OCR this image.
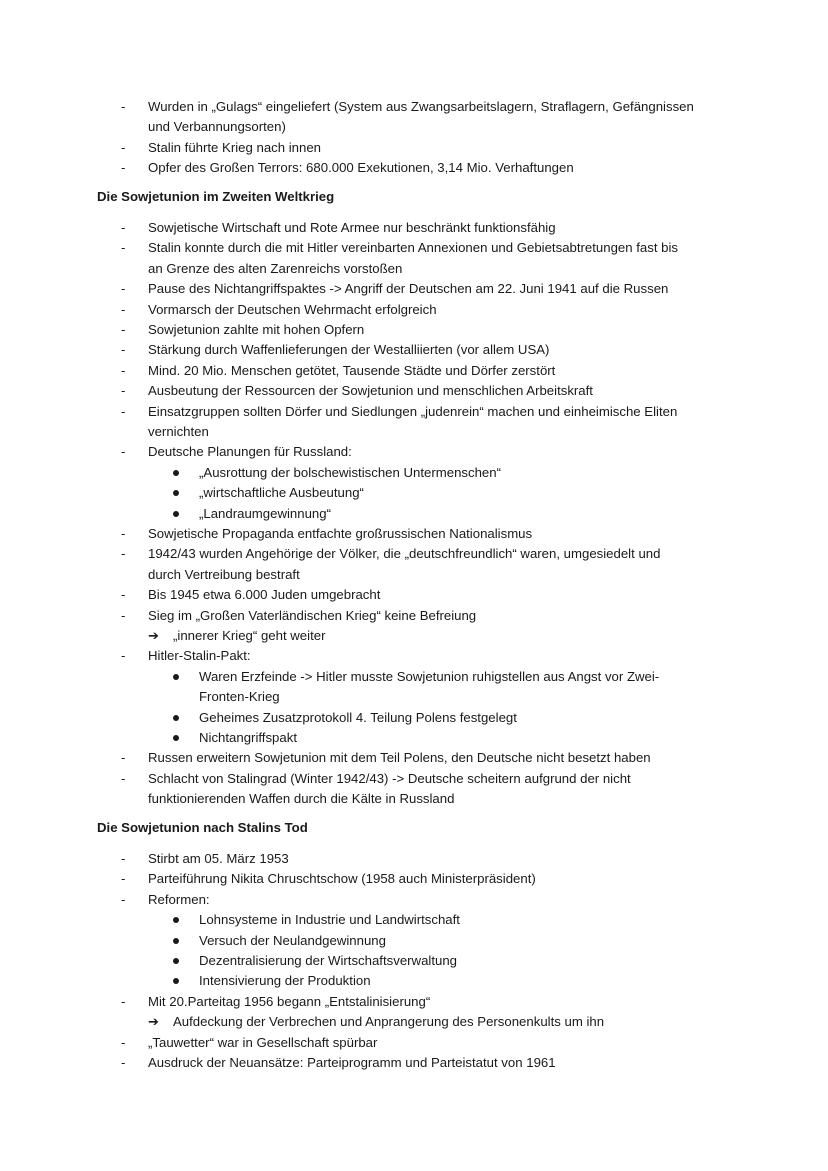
- Wurden in „Gulags“ eingeliefert (System aus Zwangsarbeitslagern, Straflagern, Gefängnissen
und Verbannungsorten)
- Stalin führte Krieg nach innen
- Opfer des Großen Terrors: 680.000 Exekutionen, 3,14 Mio. Verhaftungen
Die Sowjetunion im Zweiten Weltkrieg
- Sowjetische Wirtschaft und Rote Armee nur beschränkt funktionsfähig
- Stalin konnte durch die mit Hitler vereinbarten Annexionen und Gebietsabtretungen fast bis
an Grenze des alten Zarenreichs vorstoßen
- Pause des Nichtangriffspaktes -> Angriff der Deutschen am 22. Juni 1941 auf die Russen
- Vormarsch der Deutschen Wehrmacht erfolgreich
- Sowjetunion zahlte mit hohen Opfern
- Stärkung durch Waffenlieferungen der Westalliierten (vor allem USA)
- Mind. 20 Mio. Menschen getötet, Tausende Städte und Dörfer zerstört
- Ausbeutung der Ressourcen der Sowjetunion und menschlichen Arbeitskraft
- Einsatzgruppen sollten Dörfer und Siedlungen „judenrein“ machen und einheimische Eliten
vernichten
- Deutsche Planungen für Russland:
„Ausrottung der bolschewistischen Untermenschen“
„wirtschaftliche Ausbeutung“
„Landraumgewinnung“
- Sowjetische Propaganda entfachte großrussischen Nationalismus
- 1942/43 wurden Angehörige der Völker, die „deutschfreundlich“ waren, umgesiedelt und
durch Vertreibung bestraft
- Bis 1945 etwa 6.000 Juden umgebracht
- Sieg im „Großen Vaterländischen Krieg“ keine Befreiung
➔ „innerer Krieg“ geht weiter
- Hitler-Stalin-Pakt:
Waren Erzfeinde -> Hitler musste Sowjetunion ruhigstellen aus Angst vor Zwei-
Fronten-Krieg
Geheimes Zusatzprotokoll 4. Teilung Polens festgelegt
Nichtangriffspakt
- Russen erweitern Sowjetunion mit dem Teil Polens, den Deutsche nicht besetzt haben
- Schlacht von Stalingrad (Winter 1942/43) -> Deutsche scheitern aufgrund der nicht
funktionierenden Waffen durch die Kälte in Russland
Die Sowjetunion nach Stalins Tod
- Stirbt am 05. März 1953
- Parteiführung Nikita Chruschtschow (1958 auch Ministerpräsident)
- Reformen:
Lohnsysteme in Industrie und Landwirtschaft
Versuch der Neulandgewinnung
Dezentralisierung der Wirtschaftsverwaltung
Intensivierung der Produktion
- Mit 20.Parteitag 1956 begann „Entstalinisierung“
➔ Aufdeckung der Verbrechen und Anprangerung des Personenkults um ihn
- „Tauwetter“ war in Gesellschaft spürbar
- Ausdruck der Neuansätze: Parteiprogramm und Parteistatut von 1961
